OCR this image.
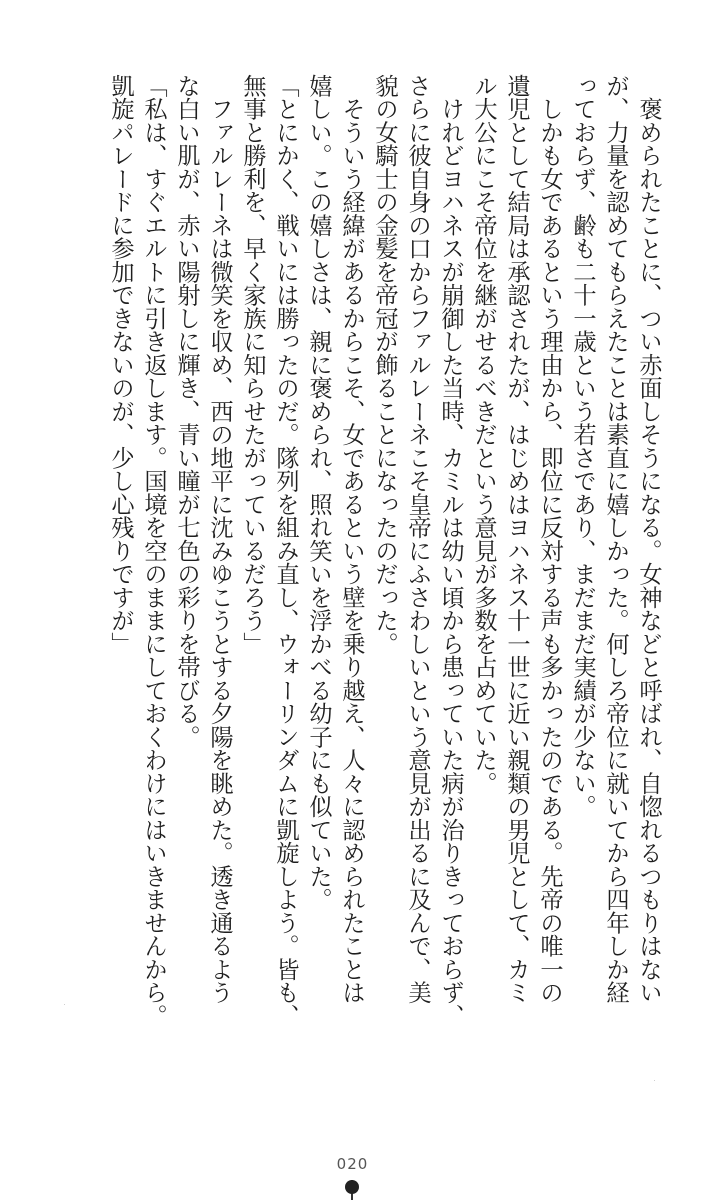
　褒められたことに、つい赤面しそうになる。女神などと呼ばれ、自惚れるつもりはない
が、力量を認めてもらえたことは素直に嬉しかった。何しろ帝位に就いてから四年しか経
っておらず、齢も二十一歳という若さであり、まだまだ実績が少ない。
　しかも女であるという理由から、即位に反対する声も多かったのである。先帝の唯一の
遺児として結局は承認されたが、はじめはヨハネス十一世に近い親類の男児として、カミ
ル大公にこそ帝位を継がせるべきだという意見が多数を占めていた。
　けれどヨハネスが崩御した当時、カミルは幼い頃から患っていた病が治りきっておらず、
さらに彼自身の口からファルレーネこそ皇帝にふさわしいという意見が出るに及んで、美
貌の女騎士の金髪を帝冠が飾ることになったのだった。
　そういう経緯があるからこそ、女であるという壁を乗り越え、人々に認められたことは
嬉しい。この嬉しさは、親に褒められ、照れ笑いを浮かべる幼子にも似ていた。
「とにかく、戦いには勝ったのだ。隊列を組み直し、ウォーリンダムに凱旋しよう。皆も、
無事と勝利を、早く家族に知らせたがっているだろう」
　ファルレーネは微笑を収め、西の地平に沈みゆこうとする夕陽を眺めた。透き通るよう
な白い肌が、赤い陽射しに輝き、青い瞳が七色の彩りを帯びる。
「私は、すぐエルトに引き返します。国境を空のままにしておくわけにはいきませんから。
凱旋パレードに参加できないのが、少し心残りですが」
020
